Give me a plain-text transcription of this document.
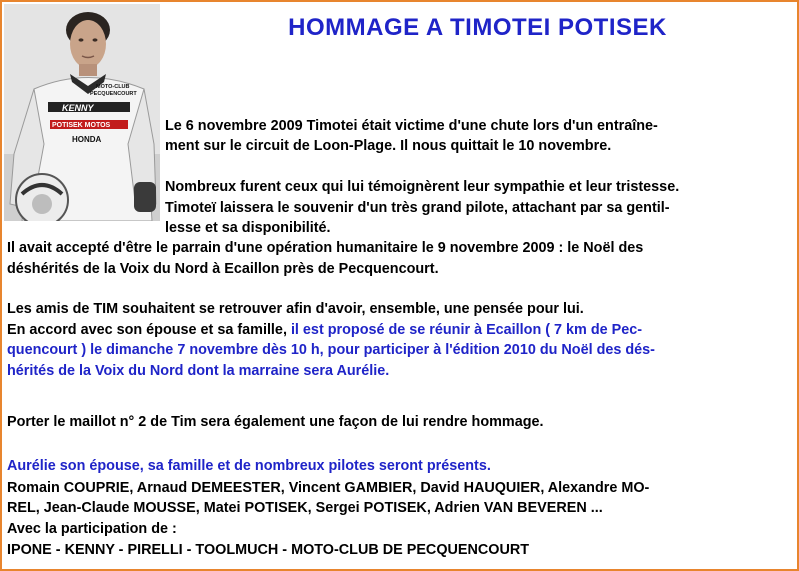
MOTO-CLUB
PECQUENCOURT
KENNY
POTISEK MOTOS
HONDA
HOMMAGE A TIMOTEI POTISEK
Le 6 novembre 2009 Timotei était victime d'une chute lors d'un entraîne-
ment sur le circuit de Loon-Plage. Il nous quittait le 10 novembre.
Nombreux furent ceux qui lui témoignèrent leur sympathie et leur tristesse.
Timoteï laissera le souvenir d'un très grand pilote, attachant par sa gentil-
lesse et sa disponibilité.
Il avait accepté d'être le parrain d'une opération humanitaire le 9 novembre 2009 : le Noël des
déshérités de la Voix du Nord à Ecaillon près de Pecquencourt.
Les amis de TIM souhaitent se retrouver afin d'avoir, ensemble, une pensée pour lui.
En accord avec son épouse et sa famille, il est proposé de se réunir à Ecaillon ( 7 km de Pec-
quencourt ) le dimanche 7 novembre dès 10 h, pour participer à l'édition 2010 du Noël des dés-
hérités de la Voix du Nord dont la marraine sera Aurélie.
Porter le maillot n° 2 de Tim sera également une façon de lui rendre hommage.
Aurélie son épouse, sa famille et de nombreux pilotes seront présents.
Romain COUPRIE, Arnaud DEMEESTER, Vincent GAMBIER, David HAUQUIER, Alexandre MO-
REL, Jean-Claude MOUSSE, Matei POTISEK, Sergei POTISEK, Adrien VAN BEVEREN ...
Avec la participation de :
IPONE - KENNY - PIRELLI - TOOLMUCH - MOTO-CLUB DE PECQUENCOURT
